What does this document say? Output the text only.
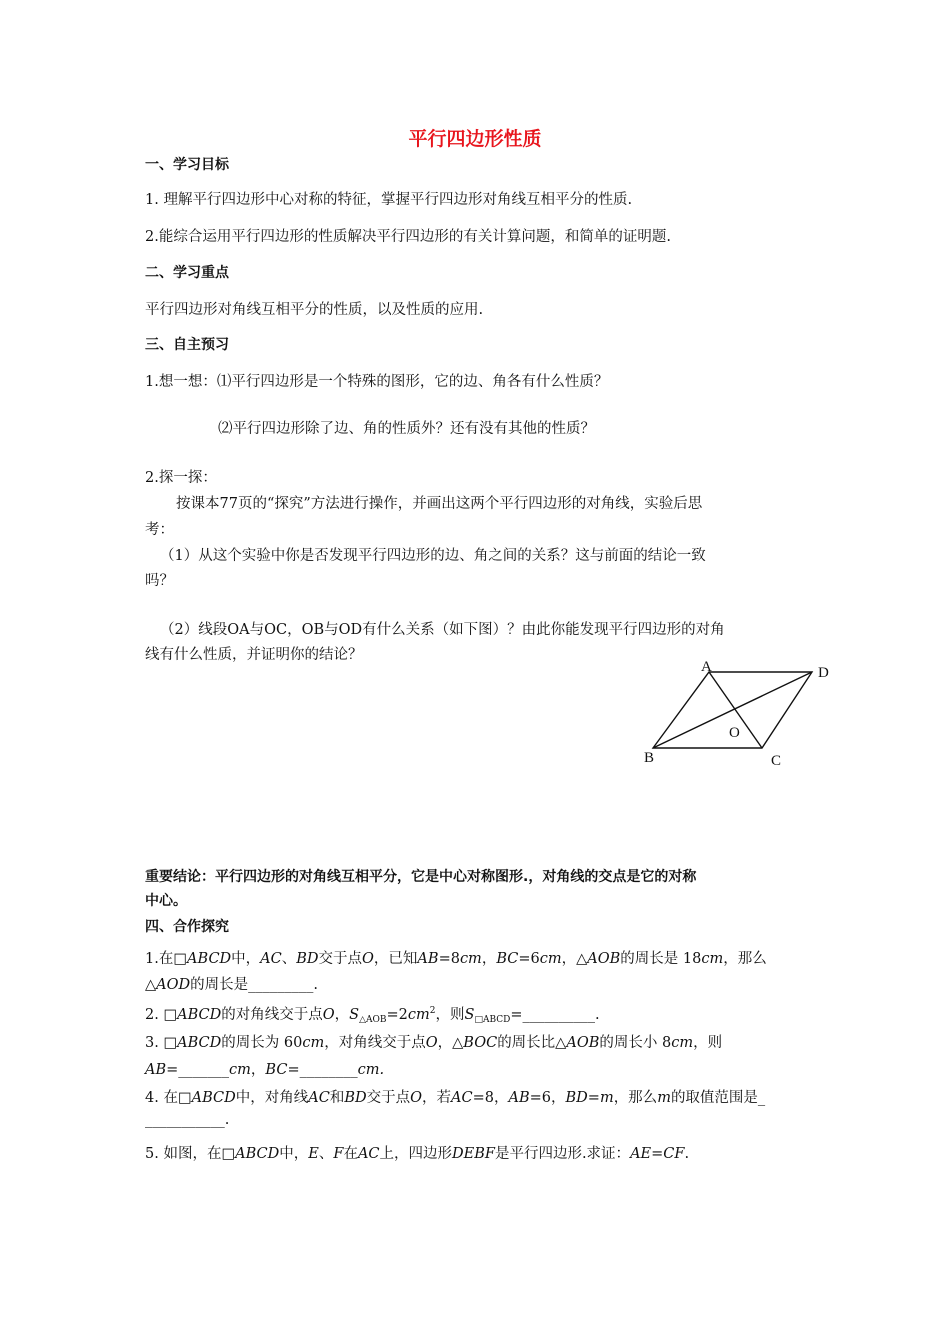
平行四边形性质
一、学习目标
1. 理解平行四边形中心对称的特征，掌握平行四边形对角线互相平分的性质.
2.能综合运用平行四边形的性质解决平行四边形的有关计算问题，和简单的证明题.
二、学习重点
平行四边形对角线互相平分的性质，以及性质的应用.
三、自主预习
1.想一想：⑴平行四边形是一个特殊的图形，它的边、角各有什么性质？
⑵平行四边形除了边、角的性质外？还有没有其他的性质？
2.探一探：
按课本77页的“探究”方法进行操作，并画出这两个平行四边形的对角线，实验后思
考：
（1）从这个实验中你是否发现平行四边形的边、角之间的关系？这与前面的结论一致
吗？
（2）线段OA与OC，OB与OD有什么关系（如下图）？由此你能发现平行四边形的对角
线有什么性质，并证明你的结论？
A	D
O
B	C
重要结论：平行四边形的对角线互相平分，它是中心对称图形.，对角线的交点是它的对称
中心。
四、合作探究
1.在□ABCD中，AC、BD交于点O，已知AB=8cm，BC=6cm，△AOB的周长是 18cm，那么
△AOD的周长是_________.
2. □ABCD的对角线交于点O，$S_{\triangle AOB}=2cm^2$，则$S_{□ABCD}=\_\_\_\_\_\_\_\_\_\_$.
3. □ABCD的周长为 60cm，对角线交于点O，△BOC的周长比△AOB的周长小 8cm，则
AB=_______cm，BC=________cm.
4. 在□ABCD中，对角线AC和BD交于点O，若AC=8，AB=6，BD=m，那么m的取值范围是_
___________.
5. 如图，在□ABCD中，E、F在AC上，四边形DEBF是平行四边形.求证：AE=CF.
